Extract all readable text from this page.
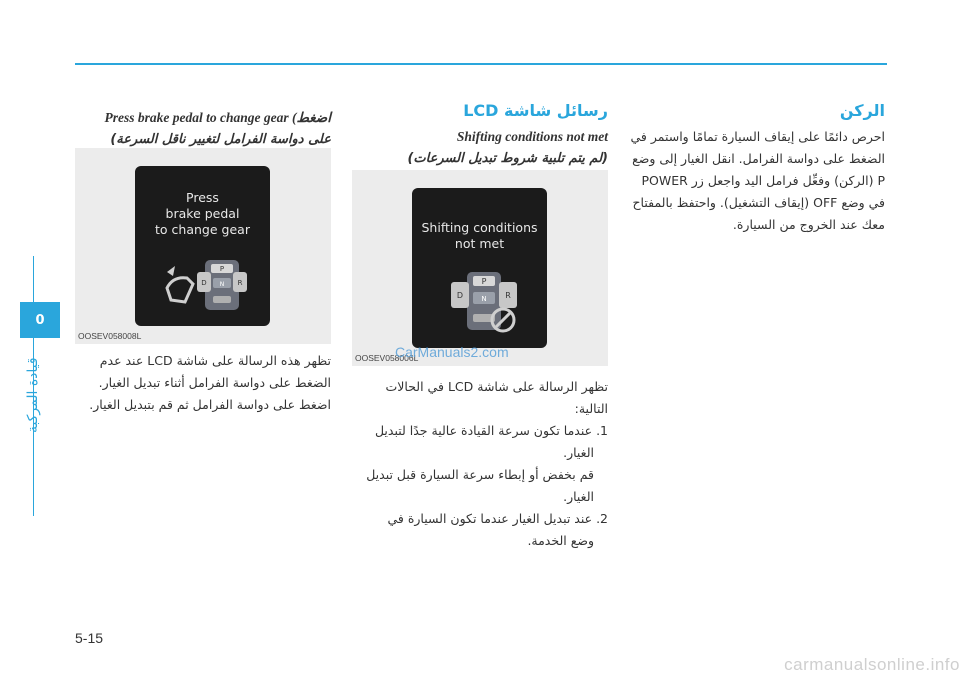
0
قيادة المركبة
الركن
احرص دائمًا على إيقاف السيارة تمامًا واستمر في الضغط على دواسة الفرامل. انقل الغيار إلى وضع P (الركن) وفعِّل فرامل اليد واجعل زر POWER في وضع OFF (إيقاف التشغيل). واحتفظ بالمفتاح معك عند الخروج من السيارة.
رسائل شاشة LCD
Shifting conditions not met
(لم يتم تلبية شروط تبديل السرعات)
Shifting conditions
not met
P
D	R
N
OOSEV058006L
CarManuals2.com
تظهر الرسالة على شاشة LCD في الحالات التالية:
1. عندما تكون سرعة القيادة عالية جدًا لتبديل
الغيار.
قم بخفض أو إبطاء سرعة السيارة قبل تبديل
الغيار.
2. عند تبديل الغيار عندما تكون السيارة في
وضع الخدمة.
Press brake pedal to change gear (اضغط
على دواسة الفرامل لتغيير ناقل السرعة)
Press
brake pedal
to change gear
P
D	R
N
OOSEV058008L
تظهر هذه الرسالة على شاشة LCD عند عدم
الضغط على دواسة الفرامل أثناء تبديل الغيار.
اضغط على دواسة الفرامل ثم قم بتبديل الغيار.
5-15
carmanualsonline.info
